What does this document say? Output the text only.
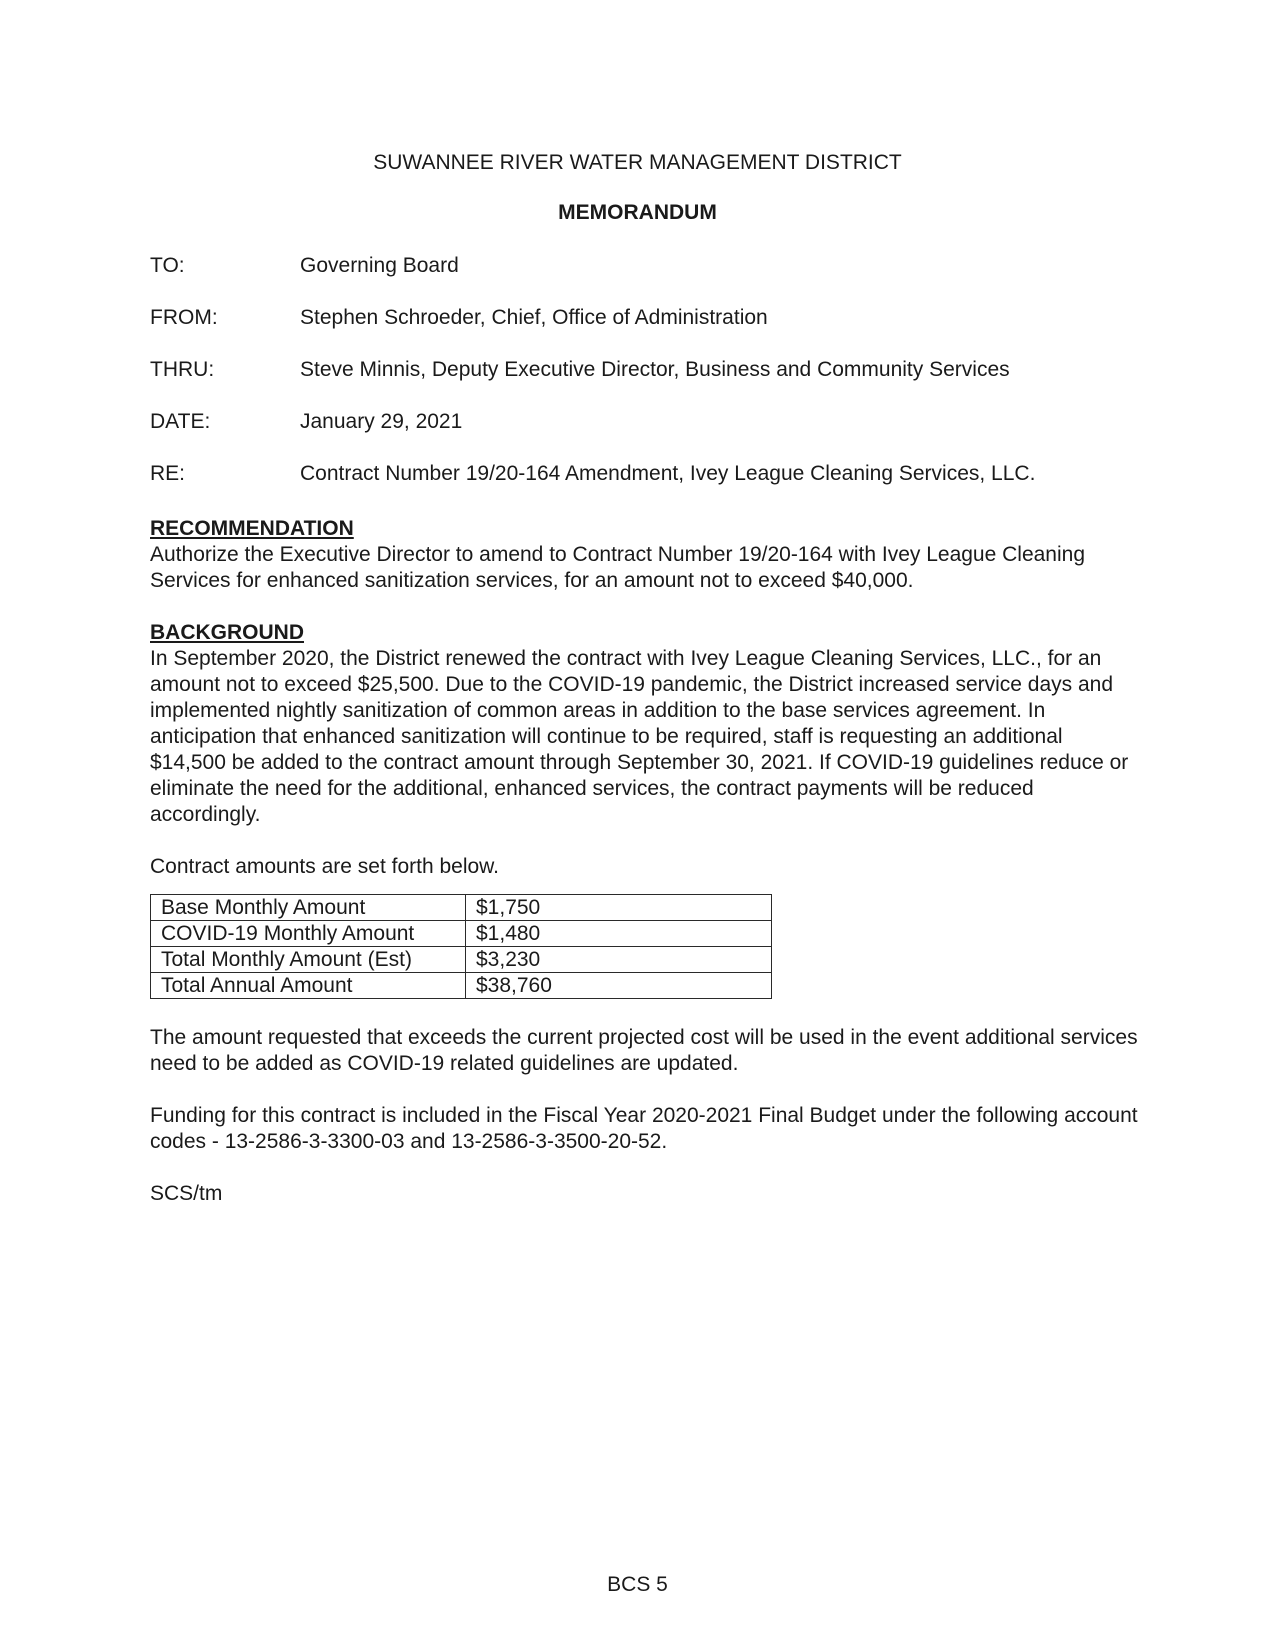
SUWANNEE RIVER WATER MANAGEMENT DISTRICT
MEMORANDUM
TO:	Governing Board
FROM:	Stephen Schroeder, Chief, Office of Administration
THRU:	Steve Minnis, Deputy Executive Director, Business and Community Services
DATE:	January 29, 2021
RE:	Contract Number 19/20-164 Amendment, Ivey League Cleaning Services, LLC.

RECOMMENDATION

Authorize the Executive Director to amend to Contract Number 19/20-164 with Ivey League Cleaning Services for enhanced sanitization services, for an amount not to exceed $40,000.

BACKGROUND

In September 2020, the District renewed the contract with Ivey League Cleaning Services, LLC., for an amount not to exceed $25,500. Due to the COVID-19 pandemic, the District increased service days and implemented nightly sanitization of common areas in addition to the base services agreement. In anticipation that enhanced sanitization will continue to be required, staff is requesting an additional $14,500 be added to the contract amount through September 30, 2021. If COVID-19 guidelines reduce or eliminate the need for the additional, enhanced services, the contract payments will be reduced accordingly.

Contract amounts are set forth below.

Base Monthly Amount	$1,750
COVID-19 Monthly Amount	$1,480
Total Monthly Amount (Est)	$3,230
Total Annual Amount	$38,760

The amount requested that exceeds the current projected cost will be used in the event additional services need to be added as COVID-19 related guidelines are updated.

Funding for this contract is included in the Fiscal Year 2020-2021 Final Budget under the following account codes - 13-2586-3-3300-03 and 13-2586-3-3500-20-52.

SCS/tm

BCS 5
